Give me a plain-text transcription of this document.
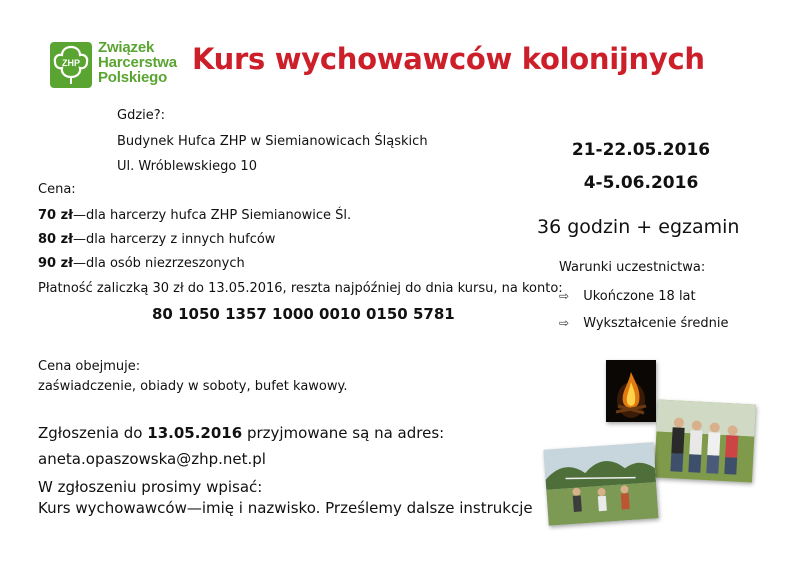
ZHP
Związek
Harcerstwa
Polskiego
Kurs wychowawców kolonijnych
Gdzie?:
Budynek Hufca ZHP w Siemianowicach Śląskich
Ul. Wróblewskiego 10
Cena:
70 zł—dla harcerzy hufca ZHP Siemianowice Śl.
80 zł—dla harcerzy z innych hufców
90 zł—dla osób niezrzeszonych
Płatność zaliczką 30 zł do 13.05.2016, reszta najpóźniej do dnia kursu, na konto:
80 1050 1357 1000 0010 0150 5781
Cena obejmuje:
zaświadczenie, obiady w soboty, bufet kawowy.
Zgłoszenia do 13.05.2016 przyjmowane są na adres:
aneta.opaszowska@zhp.net.pl
W zgłoszeniu prosimy wpisać:
Kurs wychowawców—imię i nazwisko. Prześlemy dalsze instrukcje
21-22.05.2016
4-5.06.2016
36 godzin + egzamin
Warunki uczestnictwa:
⇨ Ukończone 18 lat
⇨ Wykształcenie średnie
